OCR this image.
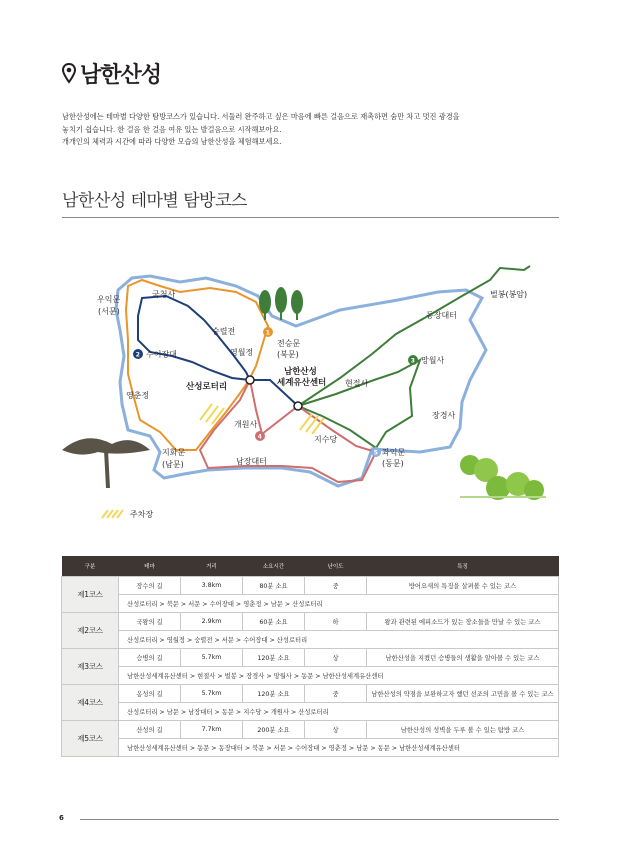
남한산성

남한산성에는 테마별 다양한 탐방코스가 있습니다. 서둘러 완주하고 싶은 마음에 빠른 걸음으로 재촉하면 숨만 차고 멋진 광경을

놓치기 쉽습니다. 한 걸음 한 걸음 여유 있는 발걸음으로 시작해보아요.

개개인의 체력과 시간에 따라 다양한 모습의 남한산성을 체험해보세요.

남한산성 테마별 탐방코스
1
2
3
4
5
국청사
우익문
(서문)
수어장대
숭렬전
영월정
전승문
(북문)
산성로터리
영춘정
남한산성
세계유산센터 현절사
망월사
벌봉(봉암)
동장대터
장경사
개원사
지수당
좌익문
(동문)
지화문
(남문)	남장대터
주차장
구분	테마	거리	소요시간	난이도	특징
제1코스	장수의 길	3.8km	80분 소요	중	방어요새의 특징을 살펴볼 수 있는 코스
	산성로터리 > 북문 > 서문 > 수어장대 > 영춘정 > 남문 > 산성로터리				
제2코스	국왕의 길	2.9km	60분 소요	하	왕과 관련된 에피소드가 있는 장소들을 만날 수 있는 코스
	산성로터리 > 영월정 > 숭렬전 > 서문 > 수어장대 > 산성로터리				
제3코스	승병의 길	5.7km	120분 소요	상	남한산성을 지켰던 승병들의 생활을 알아볼 수 있는 코스
	남한산성세계유산센터 > 현절사 > 벌봉 > 장경사 > 망월사 > 동문 > 남한산성세계유산센터				
제4코스	옹성의 길	5.7km	120분 소요	중	남한산성의 약점을 보완하고자 했던 선조의 고민을 볼 수 있는 코스
	산성로터리 > 남문 > 남장대터 > 동문 > 지수당 > 개원사 > 산성로터리				
제5코스	산성의 길	7.7km	200분 소요	상	남한산성의 성벽을 두루 볼 수 있는 탐방 코스
	남한산성세계유산센터 > 동문 > 동장대터 > 북문 > 서문 > 수어장대 > 영춘정 > 남문 > 동문 > 남한산성세계유산센터				
6
